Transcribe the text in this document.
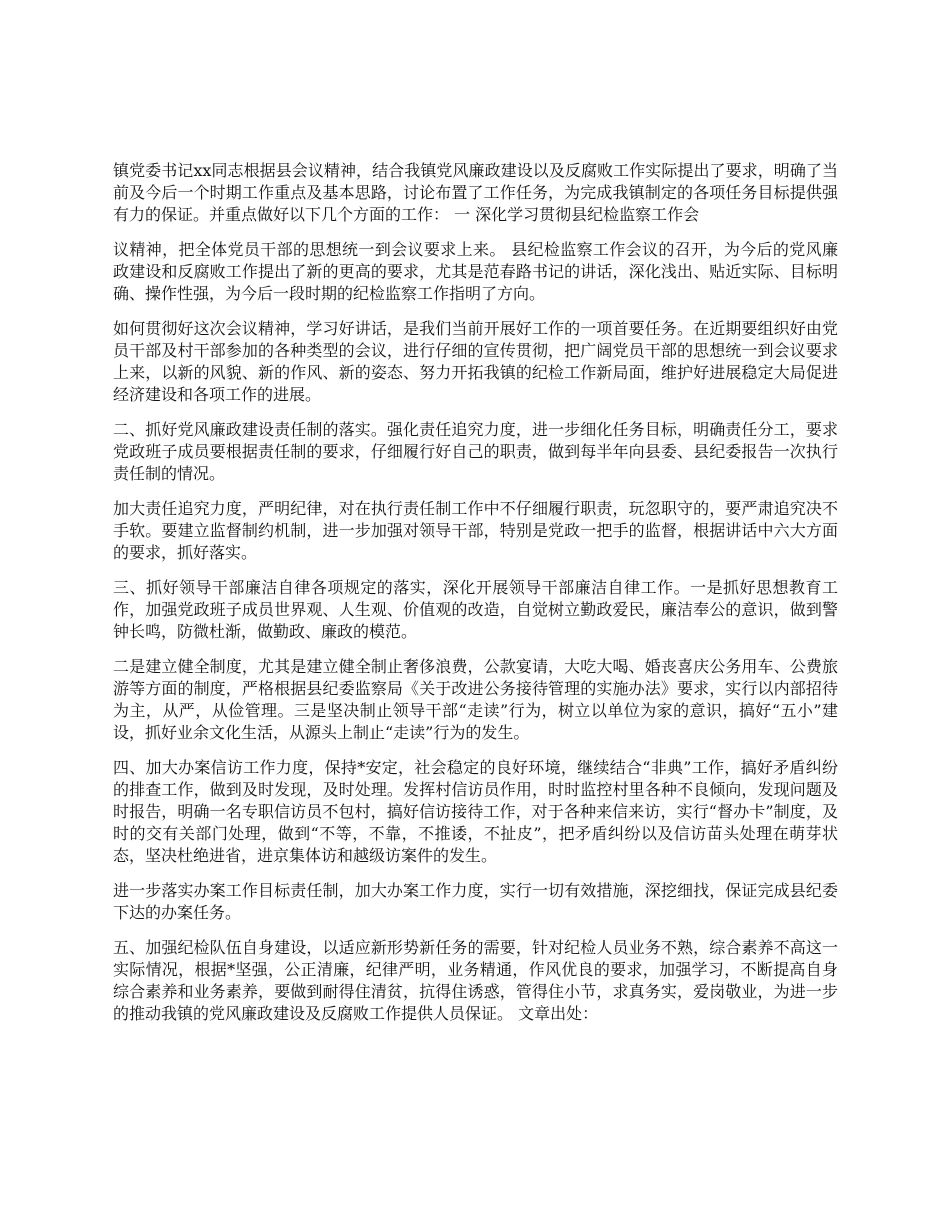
镇党委书记xx同志根据县会议精神，结合我镇党风廉政建设以及反腐败工作实际提出了要求，明确了当前及今后一个时期工作重点及基本思路，讨论布置了工作任务，为完成我镇制定的各项任务目标提供强有力的保证。并重点做好以下几个方面的工作： 一 深化学习贯彻县纪检监察工作会

议精神，把全体党员干部的思想统一到会议要求上来。 县纪检监察工作会议的召开，为今后的党风廉政建设和反腐败工作提出了新的更高的要求，尤其是范春路书记的讲话，深化浅出、贴近实际、目标明确、操作性强，为今后一段时期的纪检监察工作指明了方向。

如何贯彻好这次会议精神，学习好讲话，是我们当前开展好工作的一项首要任务。在近期要组织好由党员干部及村干部参加的各种类型的会议，进行仔细的宣传贯彻，把广阔党员干部的思想统一到会议要求上来，以新的风貌、新的作风、新的姿态、努力开拓我镇的纪检工作新局面，维护好进展稳定大局促进经济建设和各项工作的进展。

二、抓好党风廉政建设责任制的落实。强化责任追究力度，进一步细化任务目标，明确责任分工，要求党政班子成员要根据责任制的要求，仔细履行好自己的职责，做到每半年向县委、县纪委报告一次执行责任制的情况。

加大责任追究力度，严明纪律，对在执行责任制工作中不仔细履行职责，玩忽职守的，要严肃追究决不手软。要建立监督制约机制，进一步加强对领导干部，特别是党政一把手的监督，根据讲话中六大方面的要求，抓好落实。

三、抓好领导干部廉洁自律各项规定的落实，深化开展领导干部廉洁自律工作。一是抓好思想教育工作，加强党政班子成员世界观、人生观、价值观的改造，自觉树立勤政爱民，廉洁奉公的意识，做到警钟长鸣，防微杜渐，做勤政、廉政的模范。

二是建立健全制度，尤其是建立健全制止奢侈浪费，公款宴请，大吃大喝、婚丧喜庆公务用车、公费旅游等方面的制度，严格根据县纪委监察局《关于改进公务接待管理的实施办法》要求，实行以内部招待为主，从严，从俭管理。三是坚决制止领导干部“走读”行为，树立以单位为家的意识，搞好“五小”建设，抓好业余文化生活，从源头上制止“走读”行为的发生。

四、加大办案信访工作力度，保持*安定，社会稳定的良好环境，继续结合“非典”工作，搞好矛盾纠纷的排查工作，做到及时发现，及时处理。发挥村信访员作用，时时监控村里各种不良倾向，发现问题及时报告，明确一名专职信访员不包村，搞好信访接待工作，对于各种来信来访，实行“督办卡”制度，及时的交有关部门处理，做到“不等，不靠，不推诿，不扯皮”，把矛盾纠纷以及信访苗头处理在萌芽状态，坚决杜绝进省，进京集体访和越级访案件的发生。

进一步落实办案工作目标责任制，加大办案工作力度，实行一切有效措施，深挖细找，保证完成县纪委下达的办案任务。

五、加强纪检队伍自身建设，以适应新形势新任务的需要，针对纪检人员业务不熟，综合素养不高这一实际情况，根据*坚强，公正清廉，纪律严明，业务精通，作风优良的要求，加强学习，不断提高自身综合素养和业务素养，要做到耐得住清贫，抗得住诱惑，管得住小节，求真务实，爱岗敬业，为进一步的推动我镇的党风廉政建设及反腐败工作提供人员保证。 文章出处：
